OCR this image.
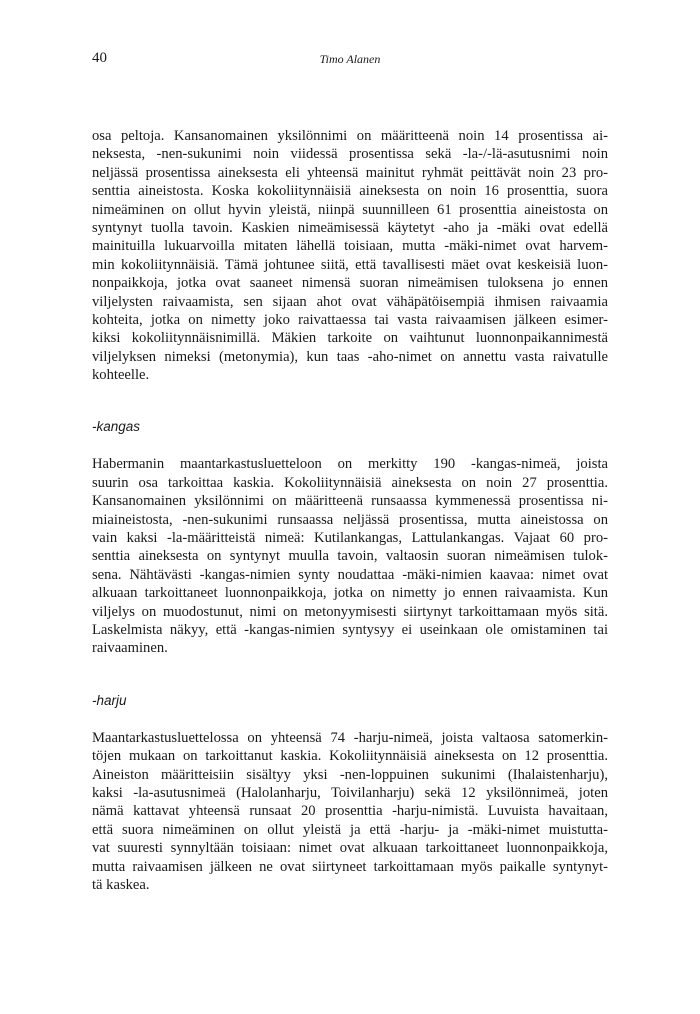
40	Timo Alanen
osa peltoja. Kansanomainen yksilönnimi on määritteenä noin 14 prosentissa ai-
neksesta, -nen-sukunimi noin viidessä prosentissa sekä -la-/-lä-asutusnimi noin
neljässä prosentissa aineksesta eli yhteensä mainitut ryhmät peittävät noin 23 pro-
senttia aineistosta. Koska kokoliitynnäisiä aineksesta on noin 16 prosenttia, suora
nimeäminen on ollut hyvin yleistä, niinpä suunnilleen 61 prosenttia aineistosta on
syntynyt tuolla tavoin. Kaskien nimeämisessä käytetyt -aho ja -mäki ovat edellä
mainituilla lukuarvoilla mitaten lähellä toisiaan, mutta -mäki-nimet ovat harvem-
min kokoliitynnäisiä. Tämä johtunee siitä, että tavallisesti mäet ovat keskeisiä luon-
nonpaikkoja, jotka ovat saaneet nimensä suoran nimeämisen tuloksena jo ennen
viljelysten raivaamista, sen sijaan ahot ovat vähäpätöisempiä ihmisen raivaamia
kohteita, jotka on nimetty joko raivattaessa tai vasta raivaamisen jälkeen esimer-
kiksi kokoliitynnäisnimillä. Mäkien tarkoite on vaihtunut luonnonpaikannimestä
viljelyksen nimeksi (metonymia), kun taas -aho-nimet on annettu vasta raivatulle
kohteelle.
-kangas
Habermanin maantarkastusluetteloon on merkitty 190 -kangas-nimeä, joista
suurin osa tarkoittaa kaskia. Kokoliitynnäisiä aineksesta on noin 27 prosenttia.
Kansanomainen yksilönnimi on määritteenä runsaassa kymmenessä prosentissa ni-
miaineistosta, -nen-sukunimi runsaassa neljässä prosentissa, mutta aineistossa on
vain kaksi -la-määritteistä nimeä: Kutilankangas, Lattulankangas. Vajaat 60 pro-
senttia aineksesta on syntynyt muulla tavoin, valtaosin suoran nimeämisen tulok-
sena. Nähtävästi -kangas-nimien synty noudattaa -mäki-nimien kaavaa: nimet ovat
alkuaan tarkoittaneet luonnonpaikkoja, jotka on nimetty jo ennen raivaamista. Kun
viljelys on muodostunut, nimi on metonyymisesti siirtynyt tarkoittamaan myös sitä.
Laskelmista näkyy, että -kangas-nimien syntysyy ei useinkaan ole omistaminen tai
raivaaminen.
-harju
Maantarkastusluettelossa on yhteensä 74 -harju-nimeä, joista valtaosa satomerkin-
töjen mukaan on tarkoittanut kaskia. Kokoliitynnäisiä aineksesta on 12 prosenttia.
Aineiston määritteisiin sisältyy yksi -nen-loppuinen sukunimi (Ihalaistenharju),
kaksi -la-asutusnimeä (Halolanharju, Toivilanharju) sekä 12 yksilönnimeä, joten
nämä kattavat yhteensä runsaat 20 prosenttia -harju-nimistä. Luvuista havaitaan,
että suora nimeäminen on ollut yleistä ja että -harju- ja -mäki-nimet muistutta-
vat suuresti synnyltään toisiaan: nimet ovat alkuaan tarkoittaneet luonnonpaikkoja,
mutta raivaamisen jälkeen ne ovat siirtyneet tarkoittamaan myös paikalle syntynyt-
tä kaskea.
